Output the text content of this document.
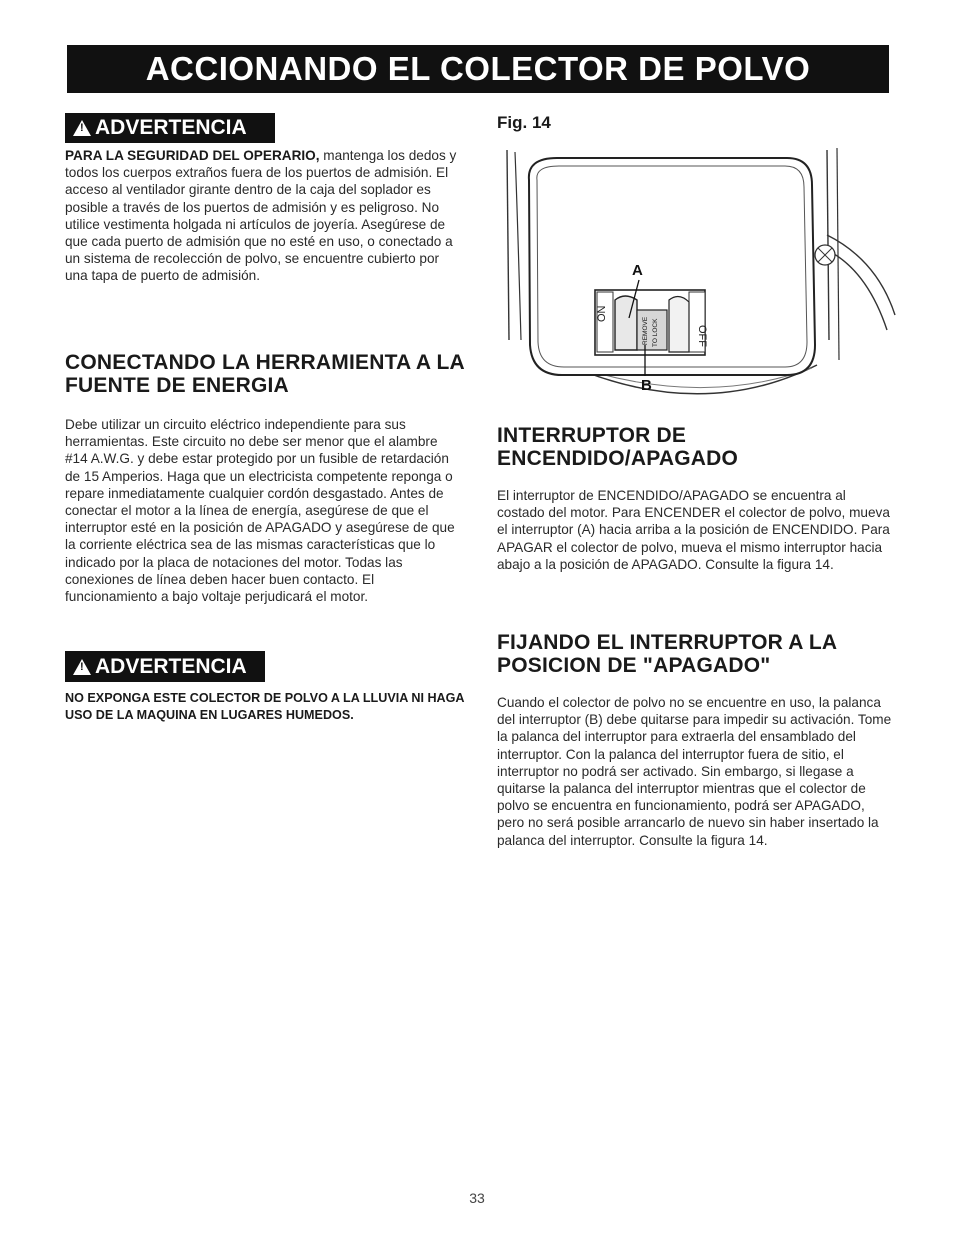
ACCIONANDO EL COLECTOR DE POLVO
! ADVERTENCIA

PARA LA SEGURIDAD DEL OPERARIO, mantenga los dedos y todos los cuerpos extraños fuera de los puertos de admisión. El acceso al ventilador girante dentro de la caja del soplador es posible a través de los puertos de admisión y es peligroso. No utilice vestimenta holgada ni artículos de joyería. Asegúrese de que cada puerto de admisión que no esté en uso, o conectado a un sistema de recolección de polvo, se encuentre cubierto por una tapa de puerto de admisión.

CONECTANDO LA HERRAMIENTA A LA FUENTE DE ENERGIA

Debe utilizar un circuito eléctrico independiente para sus herramientas. Este circuito no debe ser menor que el alambre #14 A.W.G. y debe estar protegido por un fusible de retardación de 15 Amperios. Haga que un electricista competente reponga o repare inmediatamente cualquier cordón desgastado. Antes de conectar el motor a la línea de energía, asegúrese de que el interruptor esté en la posición de APAGADO y asegúrese de que la corriente eléctrica sea de las mismas características que lo indicado por la placa de notaciones del motor. Todas las conexiones de línea deben hacer buen contacto. El funcionamiento a bajo voltaje perjudicará el motor.

! ADVERTENCIA

NO EXPONGA ESTE COLECTOR DE POLVO A LA LLUVIA NI HAGA USO DE LA MAQUINA EN LUGARES HUMEDOS.

Fig. 14
ON
OFF
REMOVE TO LOCK
A
B
INTERRUPTOR DE ENCENDIDO/APAGADO

El interruptor de ENCENDIDO/APAGADO se encuentra al costado del motor. Para ENCENDER el colector de polvo, mueva el interruptor (A) hacia arriba a la posición de ENCENDIDO. Para APAGAR el colector de polvo, mueva el mismo interruptor hacia abajo a la posición de APAGADO. Consulte la figura 14.

FIJANDO EL INTERRUPTOR A LA POSICION DE "APAGADO"

Cuando el colector de polvo no se encuentre en uso, la palanca del interruptor (B) debe quitarse para impedir su activación. Tome la palanca del interruptor para extraerla del ensamblado del interruptor. Con la palanca del interruptor fuera de sitio, el interruptor no podrá ser activado. Sin embargo, si llegase a quitarse la palanca del interruptor mientras que el colector de polvo se encuentra en funcionamiento, podrá ser APAGADO, pero no será posible arrancarlo de nuevo sin haber insertado la palanca del interruptor. Consulte la figura 14.

33
